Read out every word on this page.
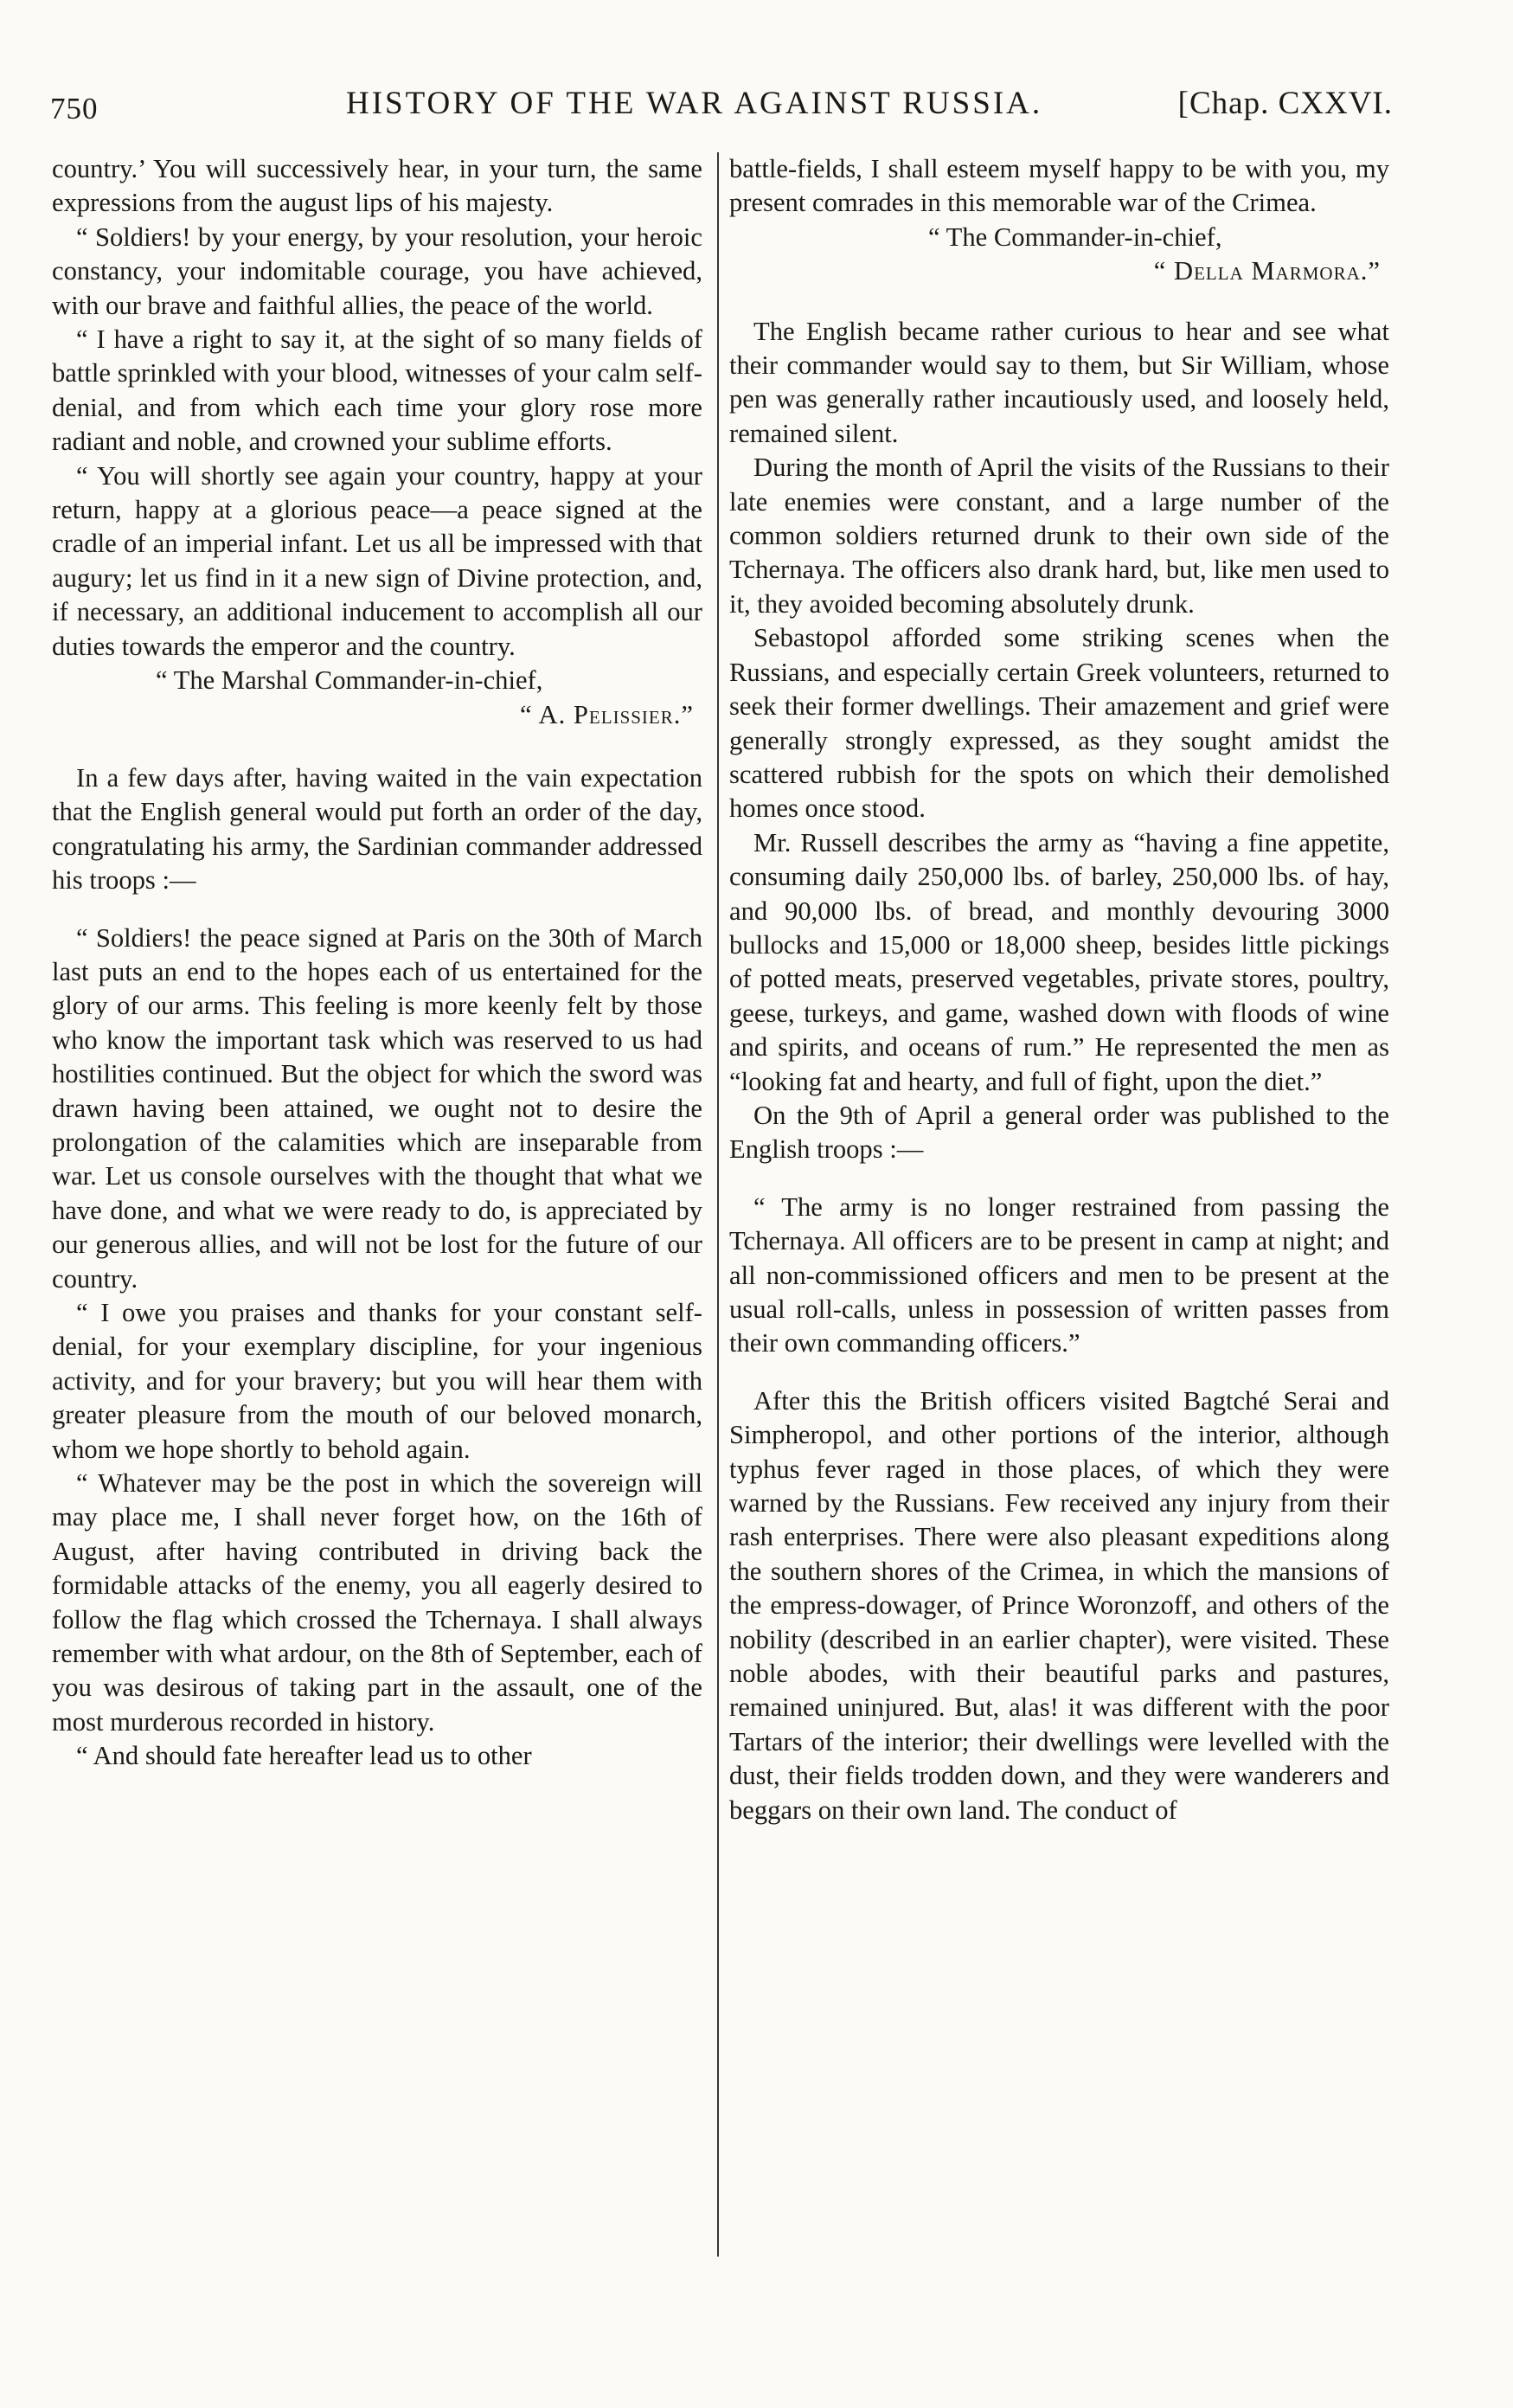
750	HISTORY OF THE WAR AGAINST RUSSIA.	[Chap. CXXVI.

country.’ You will successively hear, in your turn, the same expressions from the august lips of his majesty.

“ Soldiers! by your energy, by your resolution, your heroic constancy, your indomitable courage, you have achieved, with our brave and faithful allies, the peace of the world.

“ I have a right to say it, at the sight of so many fields of battle sprinkled with your blood, witnesses of your calm self-denial, and from which each time your glory rose more radiant and noble, and crowned your sublime efforts.

“ You will shortly see again your country, happy at your return, happy at a glorious peace—a peace signed at the cradle of an imperial infant. Let us all be impressed with that augury; let us find in it a new sign of Divine protection, and, if necessary, an additional inducement to accomplish all our duties towards the emperor and the country.

“ The Marshal Commander-in-chief,

“ A. Pelissier.”

In a few days after, having waited in the vain expectation that the English general would put forth an order of the day, congratulating his army, the Sardinian commander addressed his troops :—

“ Soldiers! the peace signed at Paris on the 30th of March last puts an end to the hopes each of us entertained for the glory of our arms. This feeling is more keenly felt by those who know the important task which was reserved to us had hostilities continued. But the object for which the sword was drawn having been attained, we ought not to desire the prolongation of the calamities which are inseparable from war. Let us console ourselves with the thought that what we have done, and what we were ready to do, is appreciated by our generous allies, and will not be lost for the future of our country.

“ I owe you praises and thanks for your constant self-denial, for your exemplary discipline, for your ingenious activity, and for your bravery; but you will hear them with greater pleasure from the mouth of our beloved monarch, whom we hope shortly to behold again.

“ Whatever may be the post in which the sovereign will may place me, I shall never forget how, on the 16th of August, after having contributed in driving back the formidable attacks of the enemy, you all eagerly desired to follow the flag which crossed the Tchernaya. I shall always remember with what ardour, on the 8th of September, each of you was desirous of taking part in the assault, one of the most murderous recorded in history.

“ And should fate hereafter lead us to other

battle-fields, I shall esteem myself happy to be with you, my present comrades in this memorable war of the Crimea.

“ The Commander-in-chief,

“ Della Marmora.”

The English became rather curious to hear and see what their commander would say to them, but Sir William, whose pen was generally rather incautiously used, and loosely held, remained silent.

During the month of April the visits of the Russians to their late enemies were constant, and a large number of the common soldiers returned drunk to their own side of the Tchernaya. The officers also drank hard, but, like men used to it, they avoided becoming absolutely drunk.

Sebastopol afforded some striking scenes when the Russians, and especially certain Greek volunteers, returned to seek their former dwellings. Their amazement and grief were generally strongly expressed, as they sought amidst the scattered rubbish for the spots on which their demolished homes once stood.

Mr. Russell describes the army as “having a fine appetite, consuming daily 250,000 lbs. of barley, 250,000 lbs. of hay, and 90,000 lbs. of bread, and monthly devouring 3000 bullocks and 15,000 or 18,000 sheep, besides little pickings of potted meats, preserved vegetables, private stores, poultry, geese, turkeys, and game, washed down with floods of wine and spirits, and oceans of rum.” He represented the men as “looking fat and hearty, and full of fight, upon the diet.”

On the 9th of April a general order was published to the English troops :—

“ The army is no longer restrained from passing the Tchernaya. All officers are to be present in camp at night; and all non-commissioned officers and men to be present at the usual roll-calls, unless in possession of written passes from their own commanding officers.”

After this the British officers visited Bagtché Serai and Simpheropol, and other portions of the interior, although typhus fever raged in those places, of which they were warned by the Russians. Few received any injury from their rash enterprises. There were also pleasant expeditions along the southern shores of the Crimea, in which the mansions of the empress-dowager, of Prince Woronzoff, and others of the nobility (described in an earlier chapter), were visited. These noble abodes, with their beautiful parks and pastures, remained uninjured. But, alas! it was different with the poor Tartars of the interior; their dwellings were levelled with the dust, their fields trodden down, and they were wanderers and beggars on their own land. The conduct of
